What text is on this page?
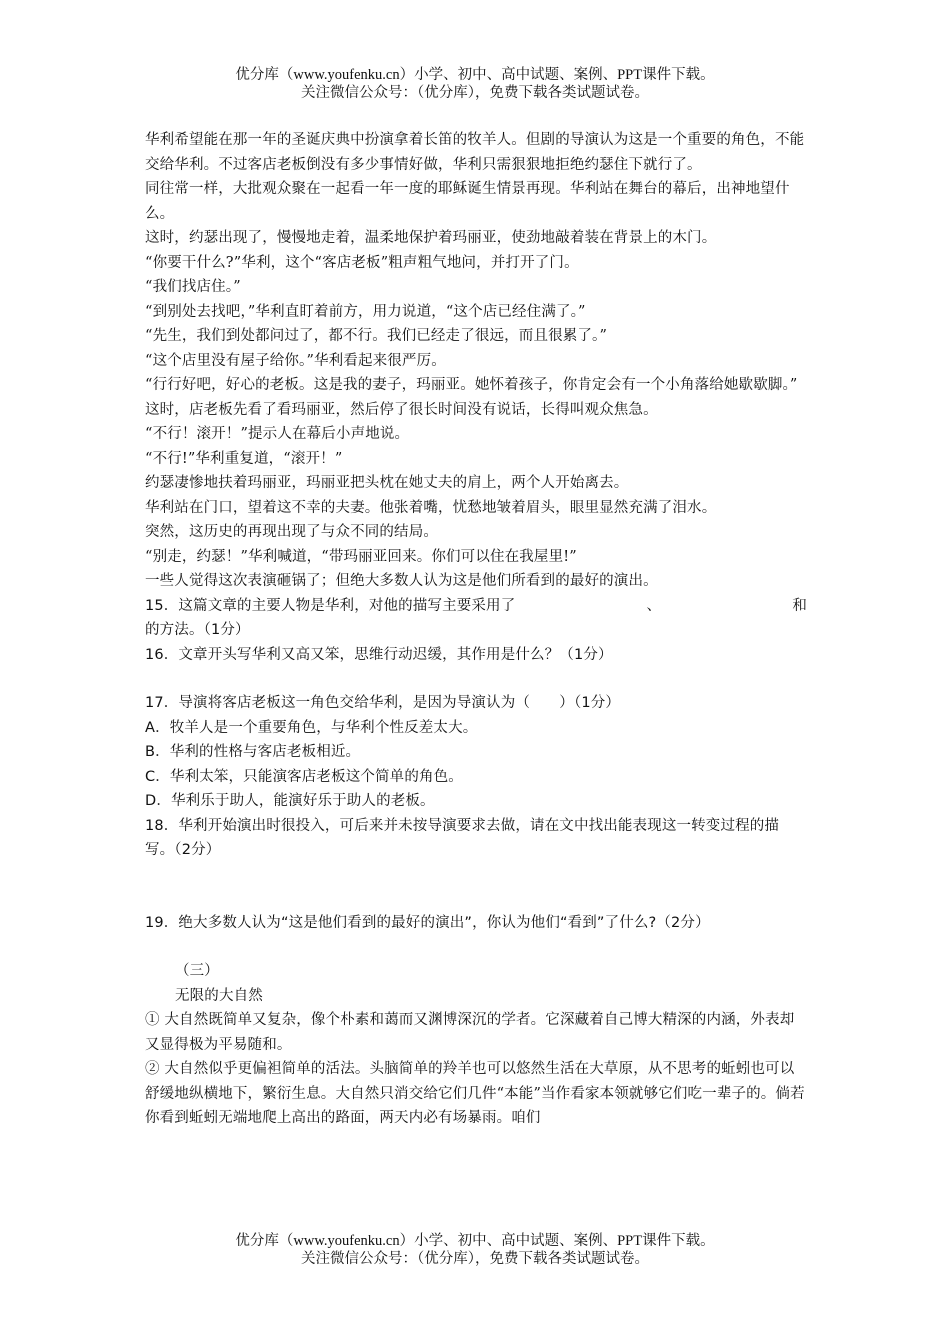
优分库（www.youfenku.cn）小学、初中、高中试题、案例、PPT课件下载。
关注微信公众号：（优分库），免费下载各类试题试卷。

华利希望能在那一年的圣诞庆典中扮演拿着长笛的牧羊人。但剧的导演认为这是一个重要的角色，不能交给华利。不过客店老板倒没有多少事情好做，华利只需狠狠地拒绝约瑟住下就行了。

同往常一样，大批观众聚在一起看一年一度的耶稣诞生情景再现。华利站在舞台的幕后，出神地望什么。

这时，约瑟出现了，慢慢地走着，温柔地保护着玛丽亚，使劲地敲着装在背景上的木门。

“你要干什么?”华利，这个“客店老板”粗声粗气地问，并打开了门。

“我们找店住。”

“到别处去找吧，”华利直盯着前方，用力说道，“这个店已经住满了。”

“先生，我们到处都问过了，都不行。我们已经走了很远，而且很累了。”

“这个店里没有屋子给你。”华利看起来很严厉。

“行行好吧，好心的老板。这是我的妻子，玛丽亚。她怀着孩子，你肯定会有一个小角落给她歇歇脚。”

这时，店老板先看了看玛丽亚，然后停了很长时间没有说话，长得叫观众焦急。

“不行！滚开！”提示人在幕后小声地说。

“不行!”华利重复道，“滚开！”

约瑟凄惨地扶着玛丽亚，玛丽亚把头枕在她丈夫的肩上，两个人开始离去。

华利站在门口，望着这不幸的夫妻。他张着嘴，忧愁地皱着眉头，眼里显然充满了泪水。

突然，这历史的再现出现了与众不同的结局。

“别走，约瑟！”华利喊道，“带玛丽亚回来。你们可以住在我屋里!”

一些人觉得这次表演砸锅了；但绝大多数人认为这是他们所看到的最好的演出。

15．这篇文章的主要人物是华利，对他的描写主要采用了	、	和
的方法。（1分）

16．文章开头写华利又高又笨，思维行动迟缓，其作用是什么？（1分）

17．导演将客店老板这一角色交给华利，是因为导演认为（　　）（1分）

A．牧羊人是一个重要角色，与华利个性反差太大。

B．华利的性格与客店老板相近。

C．华利太笨，只能演客店老板这个简单的角色。

D．华利乐于助人，能演好乐于助人的老板。

18．华利开始演出时很投入，可后来并未按导演要求去做，请在文中找出能表现这一转变过程的描写。（2分）

19．绝大多数人认为“这是他们看到的最好的演出”，你认为他们“看到”了什么?（2分）

（三）

无限的大自然

① 大自然既简单又复杂，像个朴素和蔼而又渊博深沉的学者。它深藏着自己博大精深的内涵，外表却又显得极为平易随和。

② 大自然似乎更偏袒简单的活法。头脑简单的羚羊也可以悠然生活在大草原，从不思考的蚯蚓也可以舒缓地纵横地下，繁衍生息。大自然只消交给它们几件“本能”当作看家本领就够它们吃一辈子的。倘若你看到蚯蚓无端地爬上高出的路面，两天内必有场暴雨。咱们

优分库（www.youfenku.cn）小学、初中、高中试题、案例、PPT课件下载。
关注微信公众号：（优分库），免费下载各类试题试卷。
